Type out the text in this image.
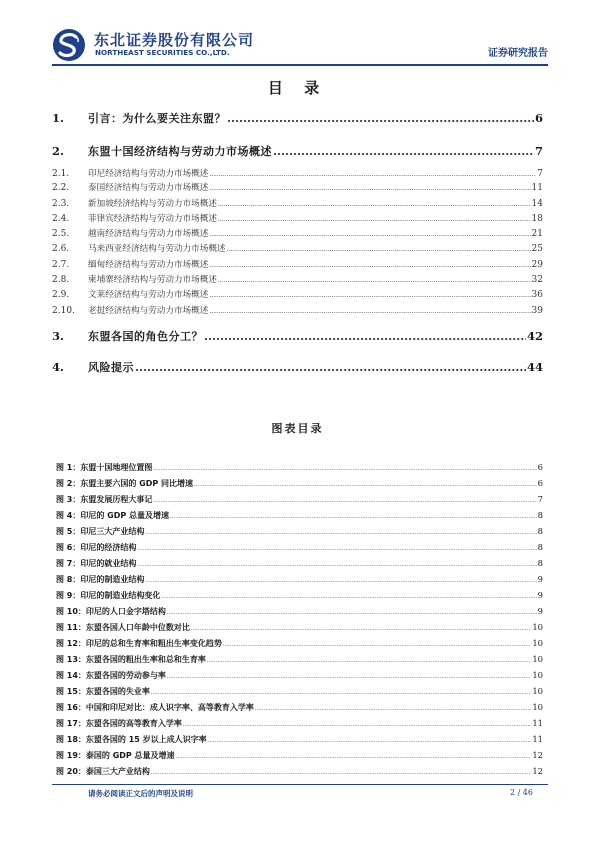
东北证券股份有限公司
NORTHEAST SECURITIES CO.,LTD.	证券研究报告
目 录
1.	引言：为什么要关注东盟？ .....	6
2.	东盟十国经济结构与劳动力市场概述 .....	7
2.1.	印尼经济结构与劳动力市场概述 .....	7
2.2.	泰国经济结构与劳动力市场概述 .....	11
2.3.	新加坡经济结构与劳动力市场概述 .....	14
2.4.	菲律宾经济结构与劳动力市场概述 .....	18
2.5.	越南经济结构与劳动力市场概述 .....	21
2.6.	马来西亚经济结构与劳动力市场概述 .....	25
2.7.	缅甸经济结构与劳动力市场概述 .....	29
2.8.	柬埔寨经济结构与劳动力市场概述 .....	32
2.9.	文莱经济结构与劳动力市场概述 .....	36
2.10.	老挝经济结构与劳动力市场概述 .....	39
3.	东盟各国的角色分工？ .....	42
4.	风险提示 .....	44
图表目录
图 1：东盟十国地理位置图 .....	6
图 2：东盟主要六国的 GDP 同比增速 .....	6
图 3：东盟发展历程大事记 .....	7
图 4：印尼的 GDP 总量及增速 .....	8
图 5：印尼三大产业结构 .....	8
图 6：印尼的经济结构 .....	8
图 7：印尼的就业结构 .....	8
图 8：印尼的制造业结构 .....	9
图 9：印尼的制造业结构变化 .....	9
图 10：印尼的人口金字塔结构 .....	9
图 11：东盟各国人口年龄中位数对比 .....	10
图 12：印尼的总和生育率和粗出生率变化趋势 .....	10
图 13：东盟各国的粗出生率和总和生育率 .....	10
图 14：东盟各国的劳动参与率 .....	10
图 15：东盟各国的失业率 .....	10
图 16：中国和印尼对比：成人识字率、高等教育入学率 .....	10
图 17：东盟各国的高等教育入学率 .....	11
图 18：东盟各国的 15 岁以上成人识字率 .....	11
图 19：泰国的 GDP 总量及增速 .....	12
图 20：泰国三大产业结构 .....	12
请务必阅读正文后的声明及说明	2 / 46
